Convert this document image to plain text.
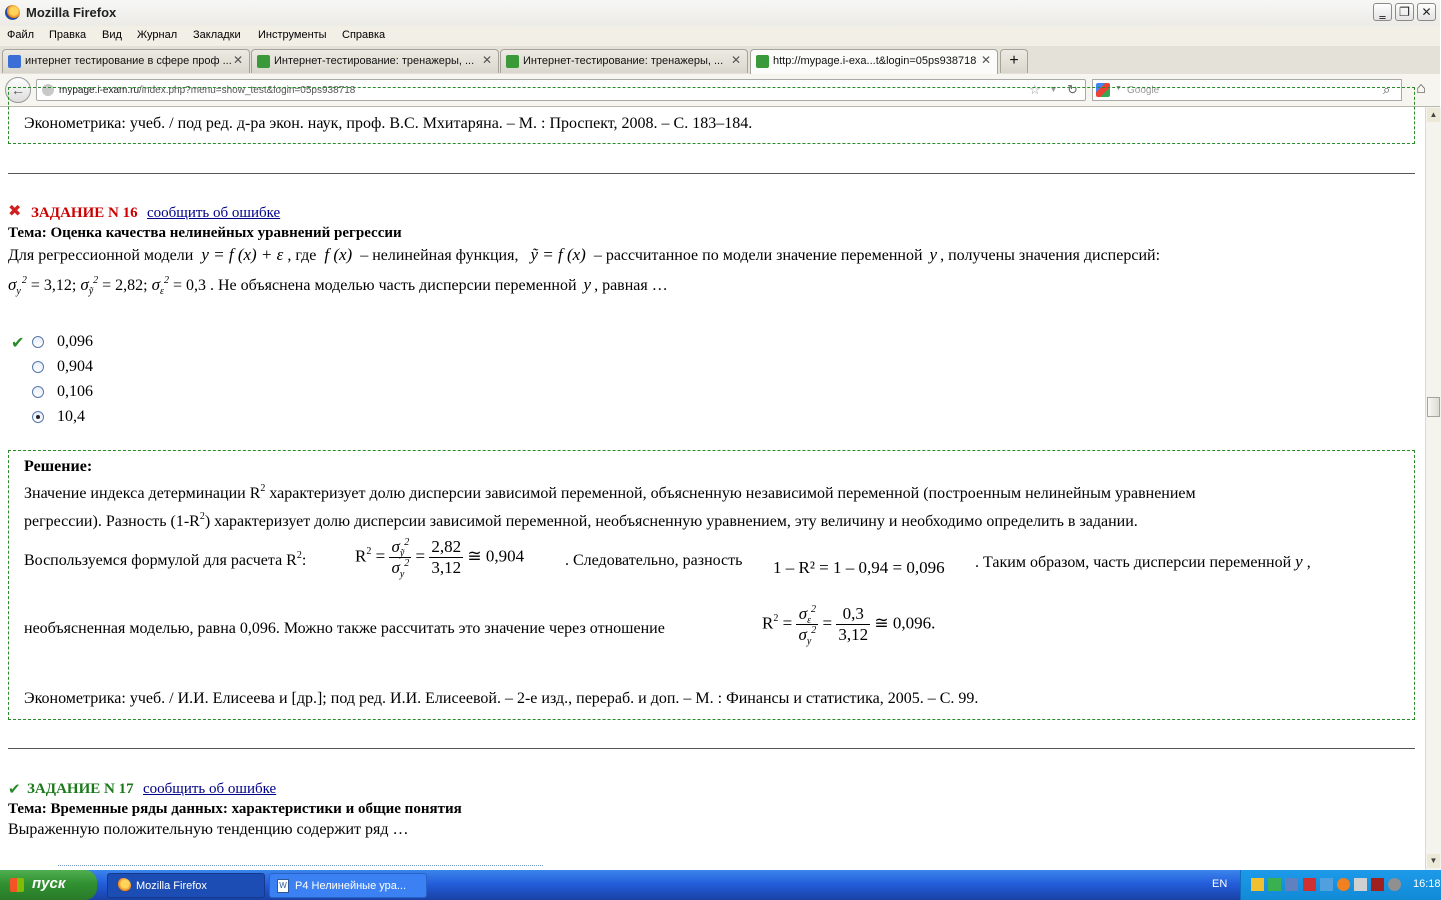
Mozilla Firefox	‗	❐ ✕
Файл Правка Вид Журнал Закладки Инструменты Справка
интернет тестирование в сфере проф ... ✕	Интернет-тестирование: тренажеры, ... ✕	Интернет-тестирование: тренажеры, ... ✕	http://mypage.i-exa...t&login=05ps938718 ✕	+
←	mypage.i-exam.ru/index.php?menu=show_test&login=05ps938718	☆ ▼ ↻	▼ Google	⌕ ⌂
Эконометрика: учеб. / под ред. д-ра экон. наук, проф. В.С. Мхитаряна. – М. : Проспект, 2008. – С. 183–184.
✖ ЗАДАНИЕ N 16 сообщить об ошибке
Тема: Оценка качества нелинейных уравнений регрессии
Для регрессионной модели y = f (x) + ε , где f (x) – нелинейная функция, ỹ = f (x) – рассчитанное по модели значение переменной y , получены значения дисперсий:
$\sigma_y^2 = 3,12$; $\sigma_ỹ^2 = 2,82$; $\sigma_\varepsilon^2 = 0,3$ . Не объяснена моделью часть дисперсии переменной y , равная …
✔ 0,096
0,904
0,106
10,4
Решение:
Значение индекса детерминации $R^2$ характеризует долю дисперсии зависимой переменной, объясненную независимой переменной (построенным нелинейным уравнением
регрессии). Разность $(1-R^2)$ характеризует долю дисперсии зависимой переменной, необъясненную уравнением, эту величину и необходимо определить в задании.
Воспользуемся формулой для расчета $R^2$:	$R^2 = \frac{\sigma_ỹ^2}{\sigma_y^2} = \frac{2,82}{3,12}$ ≅ 0,904	. Следовательно, разность 1 – R² = 1 – 0,94 = 0,096 . Таким образом, часть дисперсии переменной y ,
необъясненная моделью, равна 0,096. Можно также рассчитать это значение через отношение	$R^2 = \frac{\sigma_\varepsilon^2}{\sigma_y^2} = \frac{0,3}{3,12}$ ≅ 0,096.
Эконометрика: учеб. / И.И. Елисеева и [др.]; под ред. И.И. Елисеевой. – 2-е изд., перераб. и доп. – М. : Финансы и статистика, 2005. – С. 99.
✔ ЗАДАНИЕ N 17 сообщить об ошибке
Тема: Временные ряды данных: характеристики и общие понятия
Выраженную положительную тенденцию содержит ряд …
▲
▼
пуск	Mozilla Firefox	W P4 Нелинейные ура...	EN	16:18
